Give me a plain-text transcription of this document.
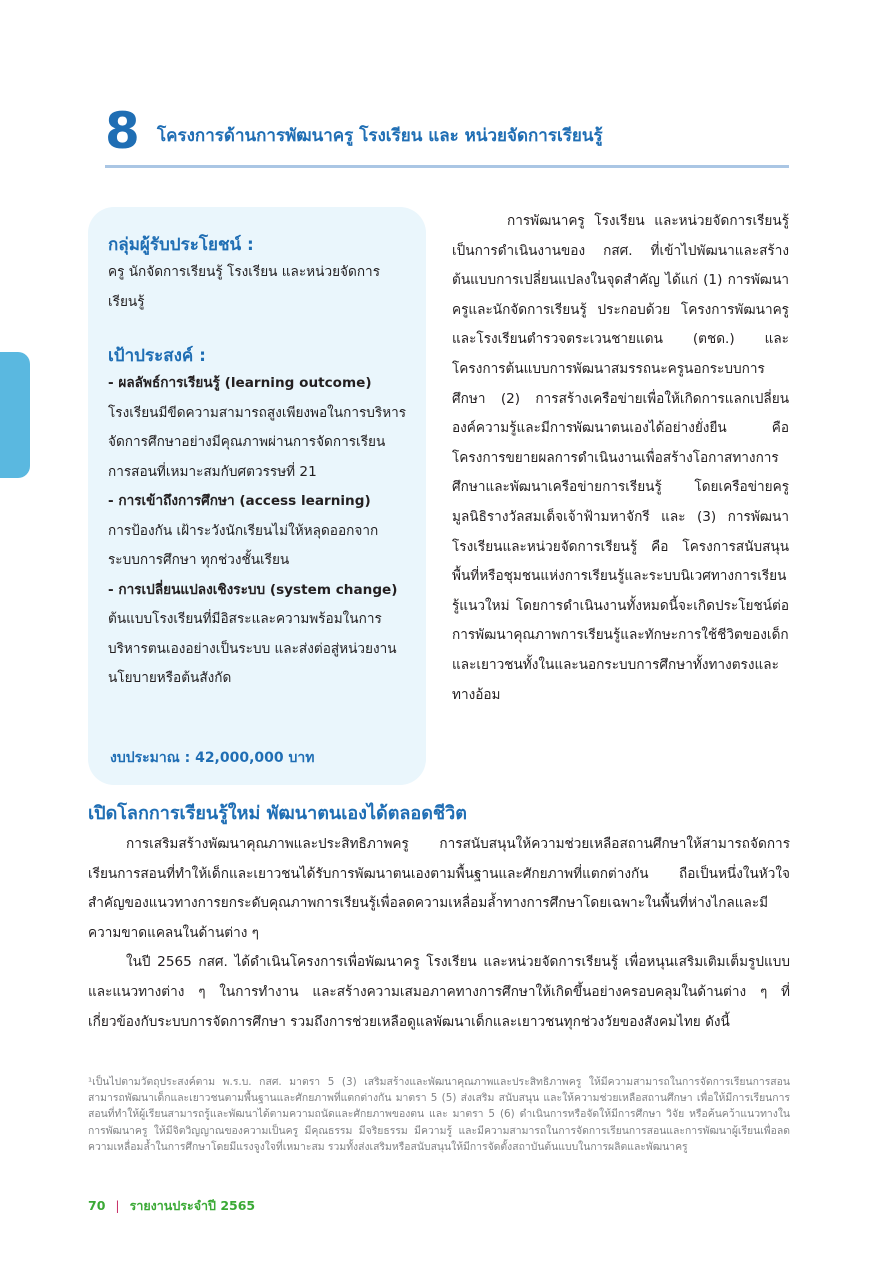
8 โครงการด้านการพัฒนาครู โรงเรียน และ หน่วยจัดการเรียนรู้
กลุ่มผู้รับประโยชน์ :
ครู นักจัดการเรียนรู้ โรงเรียน และหน่วยจัดการเรียนรู้
เป้าประสงค์ :
- ผลลัพธ์การเรียนรู้ (learning outcome)
โรงเรียนมีขีดความสามารถสูงเพียงพอในการบริหารจัดการศึกษาอย่างมีคุณภาพผ่านการจัดการเรียนการสอนที่เหมาะสมกับศตวรรษที่ 21
- การเข้าถึงการศึกษา (access learning)
การป้องกัน เฝ้าระวังนักเรียนไม่ให้หลุดออกจากระบบการศึกษา ทุกช่วงชั้นเรียน
- การเปลี่ยนแปลงเชิงระบบ (system change)
ต้นแบบโรงเรียนที่มีอิสระและความพร้อมในการบริหารตนเองอย่างเป็นระบบ และส่งต่อสู่หน่วยงานนโยบายหรือต้นสังกัด
งบประมาณ : 42,000,000 บาท

การพัฒนาครู โรงเรียน และหน่วยจัดการเรียนรู้ เป็นการดำเนินงานของ กสศ. ที่เข้าไปพัฒนาและสร้างต้นแบบการเปลี่ยนแปลงในจุดสำคัญ ได้แก่ (1) การพัฒนาครูและนักจัดการเรียนรู้ ประกอบด้วย โครงการพัฒนาครูและโรงเรียนตำรวจตระเวนชายแดน (ตชด.) และโครงการต้นแบบการพัฒนาสมรรถนะครูนอกระบบการศึกษา (2) การสร้างเครือข่ายเพื่อให้เกิดการแลกเปลี่ยนองค์ความรู้และมีการพัฒนาตนเองได้อย่างยั่งยืน คือ โครงการขยายผลการดำเนินงานเพื่อสร้างโอกาสทางการศึกษาและพัฒนาเครือข่ายการเรียนรู้ โดยเครือข่ายครูมูลนิธิรางวัลสมเด็จเจ้าฟ้ามหาจักรี และ (3) การพัฒนาโรงเรียนและหน่วยจัดการเรียนรู้ คือ โครงการสนับสนุนพื้นที่หรือชุมชนแห่งการเรียนรู้และระบบนิเวศทางการเรียนรู้แนวใหม่ โดยการดำเนินงานทั้งหมดนี้จะเกิดประโยชน์ต่อการพัฒนาคุณภาพการเรียนรู้และทักษะการใช้ชีวิตของเด็กและเยาวชนทั้งในและนอกระบบการศึกษาทั้งทางตรงและทางอ้อม

เปิดโลกการเรียนรู้ใหม่ พัฒนาตนเองได้ตลอดชีวิต

การเสริมสร้างพัฒนาคุณภาพและประสิทธิภาพครู การสนับสนุนให้ความช่วยเหลือสถานศึกษาให้สามารถจัดการเรียนการสอนที่ทำให้เด็กและเยาวชนได้รับการพัฒนาตนเองตามพื้นฐานและศักยภาพที่แตกต่างกัน ถือเป็นหนึ่งในหัวใจสำคัญของแนวทางการยกระดับคุณภาพการเรียนรู้เพื่อลดความเหลื่อมล้ำทางการศึกษาโดยเฉพาะในพื้นที่ห่างไกลและมีความขาดแคลนในด้านต่าง ๆ

ในปี 2565 กสศ. ได้ดำเนินโครงการเพื่อพัฒนาครู โรงเรียน และหน่วยจัดการเรียนรู้ เพื่อหนุนเสริมเติมเต็มรูปแบบและแนวทางต่าง ๆ ในการทำงาน และสร้างความเสมอภาคทางการศึกษาให้เกิดขึ้นอย่างครอบคลุมในด้านต่าง ๆ ที่เกี่ยวข้องกับระบบการจัดการศึกษา รวมถึงการช่วยเหลือดูแลพัฒนาเด็กและเยาวชนทุกช่วงวัยของสังคมไทย ดังนี้

¹เป็นไปตามวัตถุประสงค์ตาม พ.ร.บ. กสศ. มาตรา 5 (3) เสริมสร้างและพัฒนาคุณภาพและประสิทธิภาพครู ให้มีความสามารถในการจัดการเรียนการสอน สามารถพัฒนาเด็กและเยาวชนตามพื้นฐานและศักยภาพที่แตกต่างกัน มาตรา 5 (5) ส่งเสริม สนับสนุน และให้ความช่วยเหลือสถานศึกษา เพื่อให้มีการเรียนการสอนที่ทำให้ผู้เรียนสามารถรู้และพัฒนาได้ตามความถนัดและศักยภาพของตน และ มาตรา 5 (6) ดำเนินการหรือจัดให้มีการศึกษา วิจัย หรือค้นคว้าแนวทางในการพัฒนาครู ให้มีจิตวิญญาณของความเป็นครู มีคุณธรรม มีจริยธรรม มีความรู้ และมีความสามารถในการจัดการเรียนการสอนและการพัฒนาผู้เรียนเพื่อลดความเหลื่อมล้ำในการศึกษาโดยมีแรงจูงใจที่เหมาะสม รวมทั้งส่งเสริมหรือสนับสนุนให้มีการจัดตั้งสถาบันต้นแบบในการผลิตและพัฒนาครู
70 | รายงานประจำปี 2565
